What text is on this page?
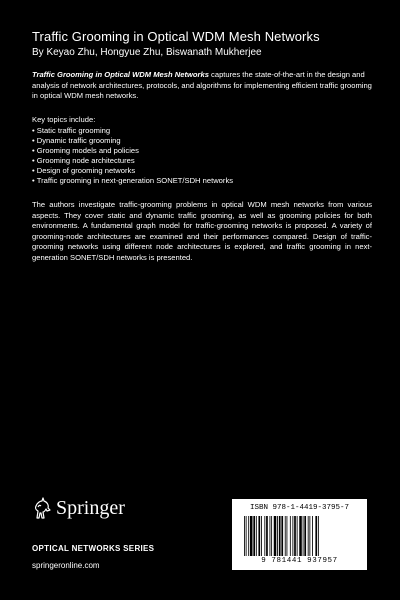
Traffic Grooming in Optical WDM Mesh Networks

By Keyao Zhu, Hongyue Zhu, Biswanath Mukherjee

Traffic Grooming in Optical WDM Mesh Networks captures the state-of-the-art in the design and analysis of network architectures, protocols, and algorithms for implementing efficient traffic grooming in optical WDM mesh networks.

Key topics include:

• Static traffic grooming
• Dynamic traffic grooming
• Grooming models and policies
• Grooming node architectures
• Design of grooming networks
• Traffic grooming in next-generation SONET/SDH networks

The authors investigate traffic-grooming problems in optical WDM mesh networks from various aspects. They cover static and dynamic traffic grooming, as well as grooming policies for both environments. A fundamental graph model for traffic-grooming networks is proposed. A variety of grooming-node architectures are examined and their performances compared. Design of traffic-grooming networks using different node architectures is explored, and traffic grooming in next-generation SONET/SDH networks is presented.

Springer

OPTICAL NETWORKS SERIES

springeronline.com

ISBN 978-1-4419-3795-7
9 781441 937957
